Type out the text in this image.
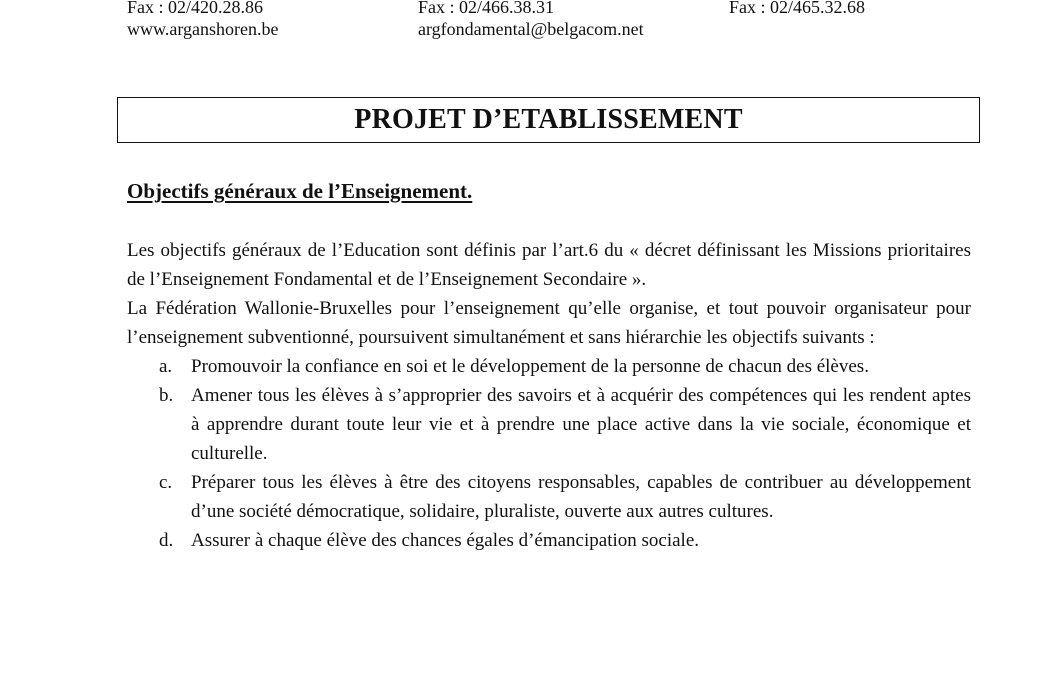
Fax : 02/420.28.86	Fax : 02/466.38.31	Fax : 02/465.32.68
www.arganshoren.be	argfondamental@belgacom.net
PROJET D’ETABLISSEMENT
Objectifs généraux de l’Enseignement.

Les objectifs généraux de l’Education sont définis par l’art.6 du « décret définissant les Missions prioritaires de l’Enseignement Fondamental et de l’Enseignement Secondaire ».

La Fédération Wallonie-Bruxelles pour l’enseignement qu’elle organise, et tout pouvoir organisateur pour l’enseignement subventionné, poursuivent simultanément et sans hiérarchie les objectifs suivants :

a. Promouvoir la confiance en soi et le développement de la personne de chacun des élèves.
b. Amener tous les élèves à s’approprier des savoirs et à acquérir des compétences qui les rendent aptes à apprendre durant toute leur vie et à prendre une place active dans la vie sociale, économique et culturelle.
c. Préparer tous les élèves à être des citoyens responsables, capables de contribuer au développement d’une société démocratique, solidaire, pluraliste, ouverte aux autres cultures.
d. Assurer à chaque élève des chances égales d’émancipation sociale.
